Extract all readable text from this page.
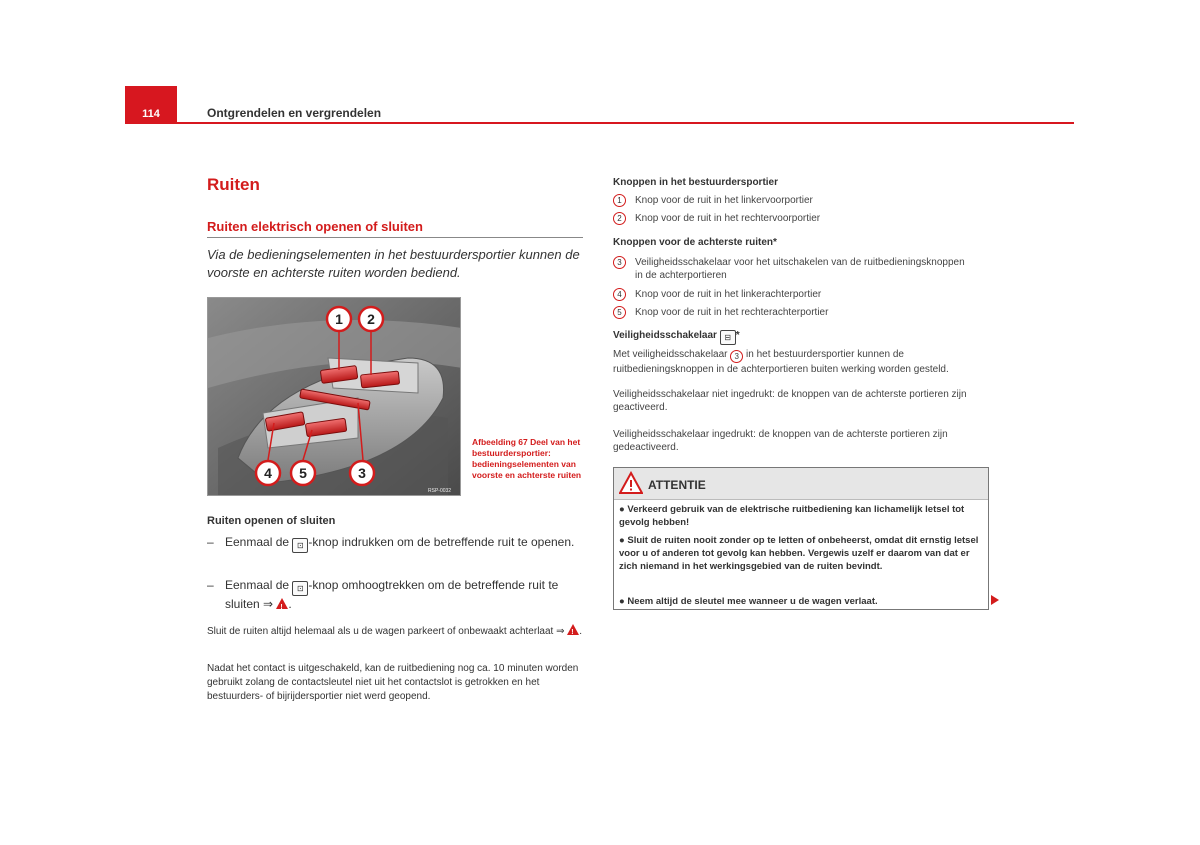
114	Ontgrendelen en vergrendelen
Ruiten
Ruiten elektrisch openen of sluiten
Via de bedieningselementen in het bestuurdersportier kunnen de voorste en achterste ruiten worden bediend.
1 2
3
4 5
RSP-0032
Afbeelding 67 Deel van het bestuurdersportier: bedieningselementen van voorste en achterste ruiten
Ruiten openen of sluiten
– Eenmaal de ⊡ -knop indrukken om de betreffende ruit te openen.
– Eenmaal de ⊡ -knop omhoogtrekken om de betreffende ruit te sluiten ⇒ !.
Sluit de ruiten altijd helemaal als u de wagen parkeert of onbewaakt achterlaat ⇒ !.
Nadat het contact is uitgeschakeld, kan de ruitbediening nog ca. 10 minuten worden gebruikt zolang de contactsleutel niet uit het contactslot is getrokken en het bestuurders- of bijrijdersportier niet werd geopend.
Knoppen in het bestuurdersportier
1	Knop voor de ruit in het linkervoorportier
2	Knop voor de ruit in het rechtervoorportier
Knoppen voor de achterste ruiten*
3	Veiligheidsschakelaar voor het uitschakelen van de ruitbedieningsknoppen in de achterportieren
4	Knop voor de ruit in het linkerachterportier
5	Knop voor de ruit in het rechterachterportier
Veiligheidsschakelaar ⊟ *
Met veiligheidsschakelaar 3 in het bestuurdersportier kunnen de ruitbedieningsknoppen in de achterportieren buiten werking worden gesteld.
Veiligheidsschakelaar niet ingedrukt: de knoppen van de achterste portieren zijn geactiveerd.
Veiligheidsschakelaar ingedrukt: de knoppen van de achterste portieren zijn gedeactiveerd.
ATTENTIE
● Verkeerd gebruik van de elektrische ruitbediening kan lichamelijk letsel tot gevolg hebben!
● Sluit de ruiten nooit zonder op te letten of onbeheerst, omdat dit ernstig letsel voor u of anderen tot gevolg kan hebben. Vergewis uzelf er daarom van dat er zich niemand in het werkingsgebied van de ruiten bevindt.
● Neem altijd de sleutel mee wanneer u de wagen verlaat.
